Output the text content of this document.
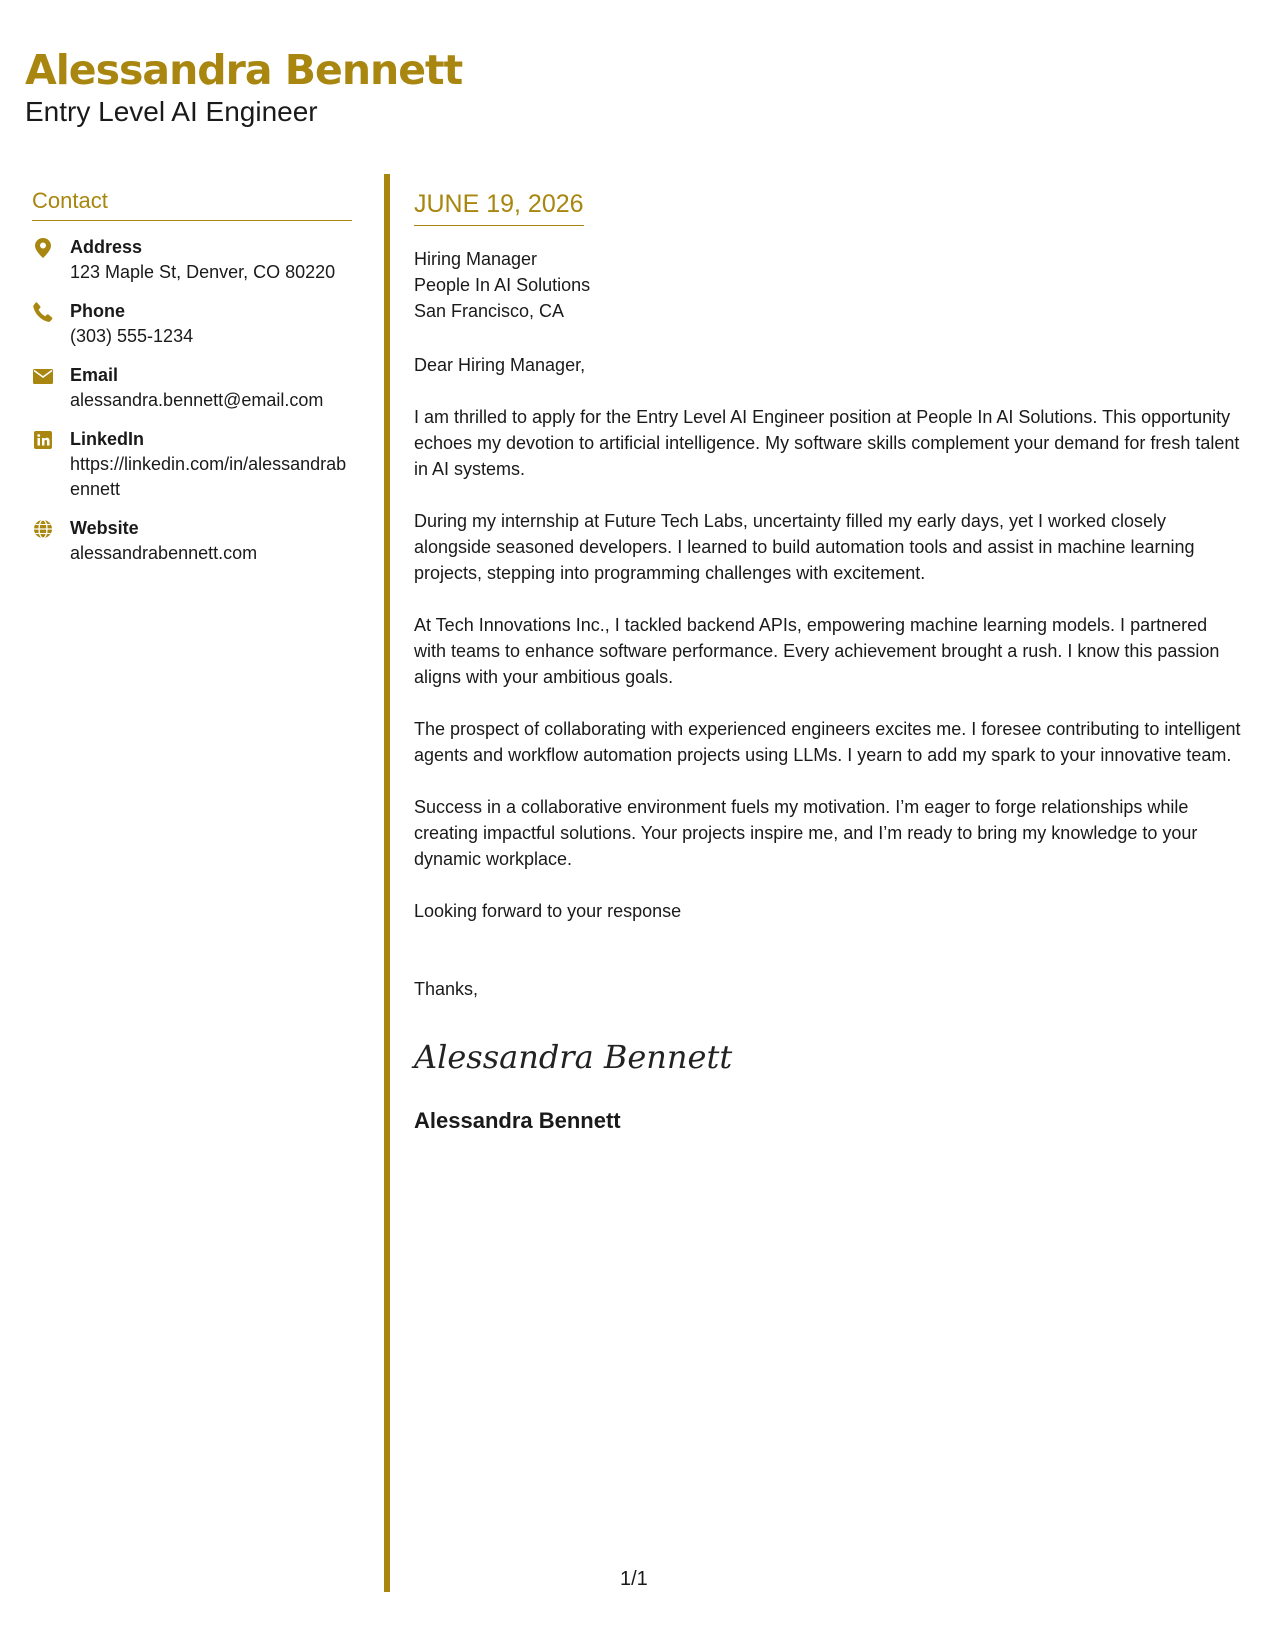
Alessandra Bennett
Entry Level AI Engineer
Contact
Address
123 Maple St, Denver, CO 80220
Phone
(303) 555-1234
Email
alessandra.bennett@email.com
LinkedIn
https://linkedin.com/in/alessandrabennett
Website
alessandrabennett.com
JUNE 19, 2026
Hiring Manager
People In AI Solutions
San Francisco, CA
Dear Hiring Manager,
I am thrilled to apply for the Entry Level AI Engineer position at People In AI Solutions. This opportunity echoes my devotion to artificial intelligence. My software skills complement your demand for fresh talent in AI systems.
During my internship at Future Tech Labs, uncertainty filled my early days, yet I worked closely alongside seasoned developers. I learned to build automation tools and assist in machine learning projects, stepping into programming challenges with excitement.
At Tech Innovations Inc., I tackled backend APIs, empowering machine learning models. I partnered with teams to enhance software performance. Every achievement brought a rush. I know this passion aligns with your ambitious goals.
The prospect of collaborating with experienced engineers excites me. I foresee contributing to intelligent agents and workflow automation projects using LLMs. I yearn to add my spark to your innovative team.
Success in a collaborative environment fuels my motivation. I’m eager to forge relationships while creating impactful solutions. Your projects inspire me, and I’m ready to bring my knowledge to your dynamic workplace.
Looking forward to your response
Thanks,
Alessandra Bennett
Alessandra Bennett
1/1
